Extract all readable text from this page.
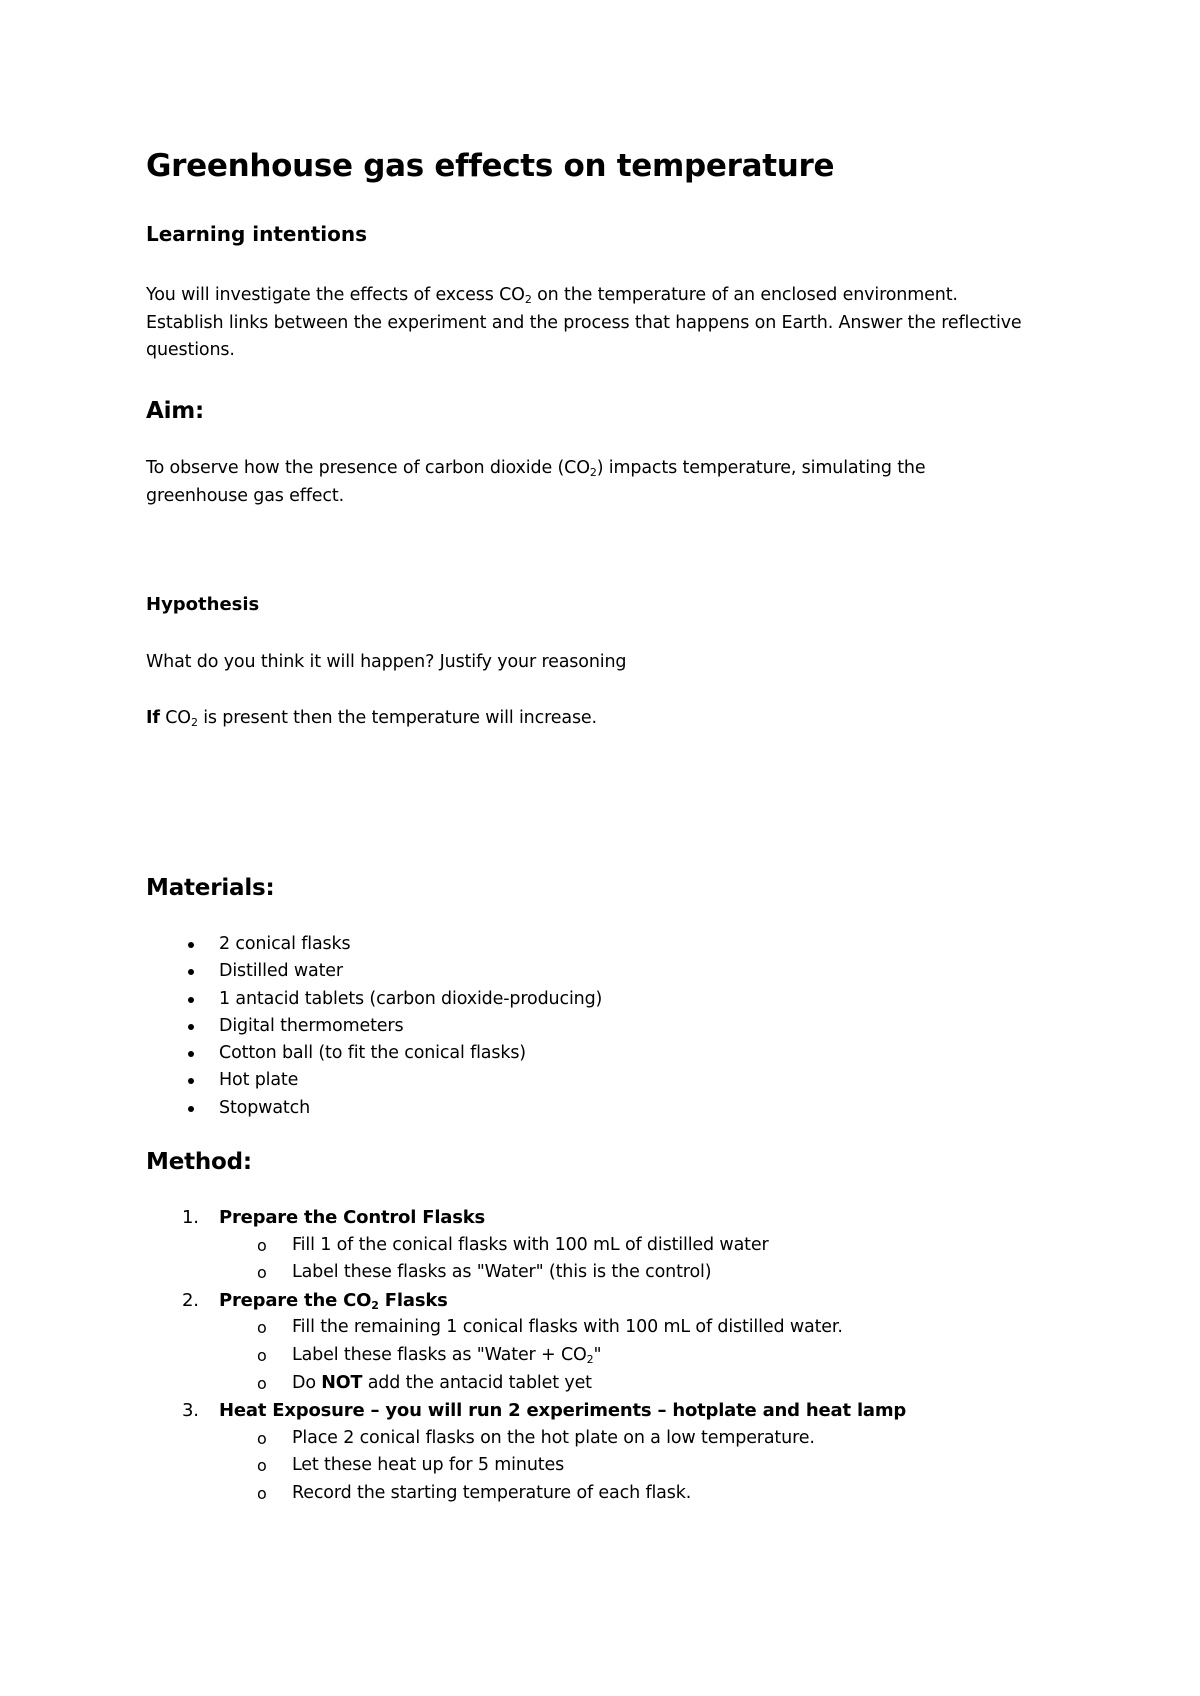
Greenhouse gas effects on temperature
Learning intentions
You will investigate the effects of excess $CO_2$ on the temperature of an enclosed environment.
Establish links between the experiment and the process that happens on Earth. Answer the reflective
questions.
Aim:
To observe how the presence of carbon dioxide $(CO_2)$ impacts temperature, simulating the
greenhouse gas effect.
Hypothesis
What do you think it will happen? Justify your reasoning
If $CO_2$ is present then the temperature will increase.
Materials:
2 conical flasks
Distilled water
1 antacid tablets (carbon dioxide-producing)
Digital thermometers
Cotton ball (to fit the conical flasks)
Hot plate
Stopwatch
Method:
1. Prepare the Control Flasks
o Fill 1 of the conical flasks with 100 mL of distilled water
o Label these flasks as "Water" (this is the control)
2. Prepare the $CO_2$ Flasks
o Fill the remaining 1 conical flasks with 100 mL of distilled water.
o Label these flasks as "Water + $CO_2$"
o Do NOT add the antacid tablet yet
3. Heat Exposure – you will run 2 experiments – hotplate and heat lamp
o Place 2 conical flasks on the hot plate on a low temperature.
o Let these heat up for 5 minutes
o Record the starting temperature of each flask.
